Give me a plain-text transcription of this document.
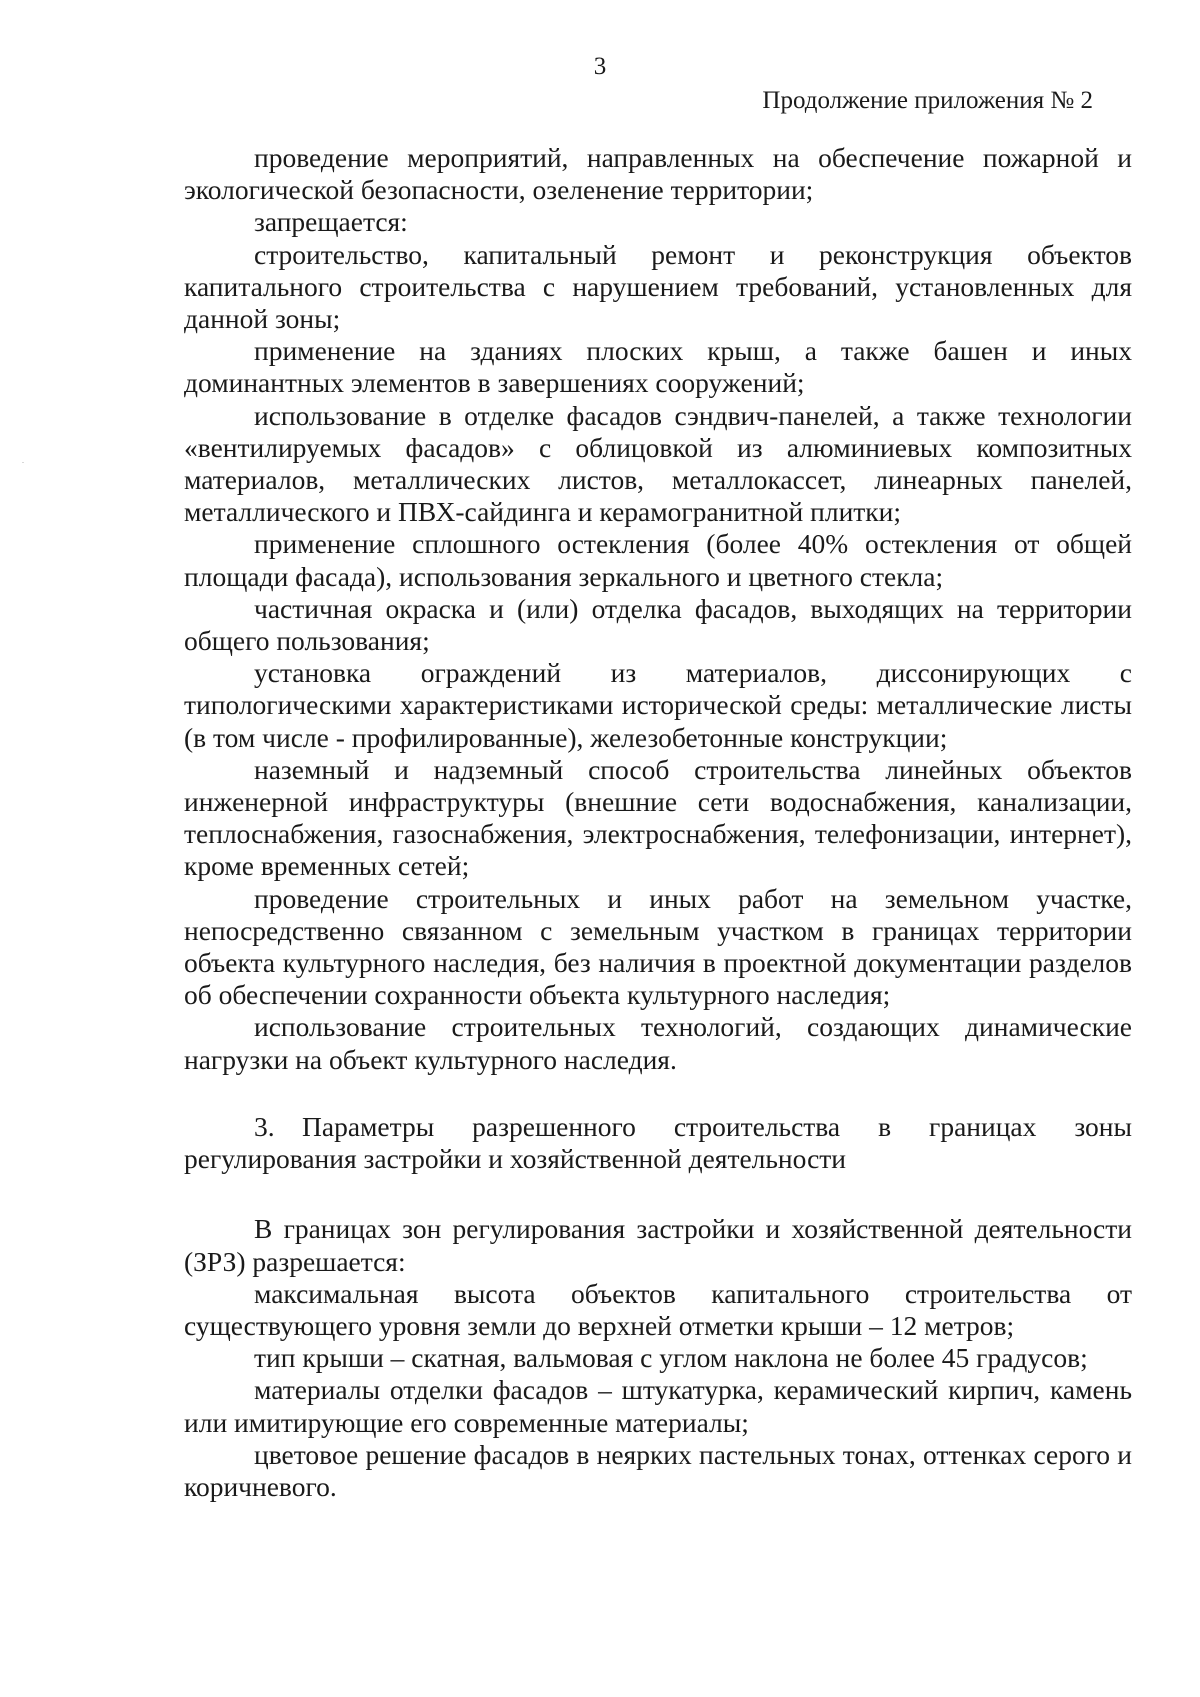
3
Продолжение приложения № 2

проведение мероприятий, направленных на обеспечение пожарной и экологической безопасности, озеленение территории;

запрещается:

строительство, капитальный ремонт и реконструкция объектов капитального строительства с нарушением требований, установленных для данной зоны;

применение на зданиях плоских крыш, а также башен и иных доминантных элементов в завершениях сооружений;

использование в отделке фасадов сэндвич-панелей, а также технологии «вентилируемых фасадов» с облицовкой из алюминиевых композитных материалов, металлических листов, металлокассет, линеарных панелей, металлического и ПВХ-сайдинга и керамогранитной плитки;

применение сплошного остекления (более 40% остекления от общей площади фасада), использования зеркального и цветного стекла;

частичная окраска и (или) отделка фасадов, выходящих на территории общего пользования;

установка ограждений из материалов, диссонирующих с типологическими характеристиками исторической среды: металлические листы (в том числе - профилированные), железобетонные конструкции;

наземный и надземный способ строительства линейных объектов инженерной инфраструктуры (внешние сети водоснабжения, канализации, теплоснабжения, газоснабжения, электроснабжения, телефонизации, интернет), кроме временных сетей;

проведение строительных и иных работ на земельном участке, непосредственно связанном с земельным участком в границах территории объекта культурного наследия, без наличия в проектной документации разделов об обеспечении сохранности объекта культурного наследия;

использование строительных технологий, создающих динамические нагрузки на объект культурного наследия.

3. Параметры разрешенного строительства в границах зоны регулирования застройки и хозяйственной деятельности

В границах зон регулирования застройки и хозяйственной деятельности (ЗРЗ) разрешается:

максимальная высота объектов капитального строительства от существующего уровня земли до верхней отметки крыши – 12 метров;

тип крыши – скатная, вальмовая с углом наклона не более 45 градусов;

материалы отделки фасадов – штукатурка, керамический кирпич, камень или имитирующие его современные материалы;

цветовое решение фасадов в неярких пастельных тонах, оттенках серого и коричневого.
